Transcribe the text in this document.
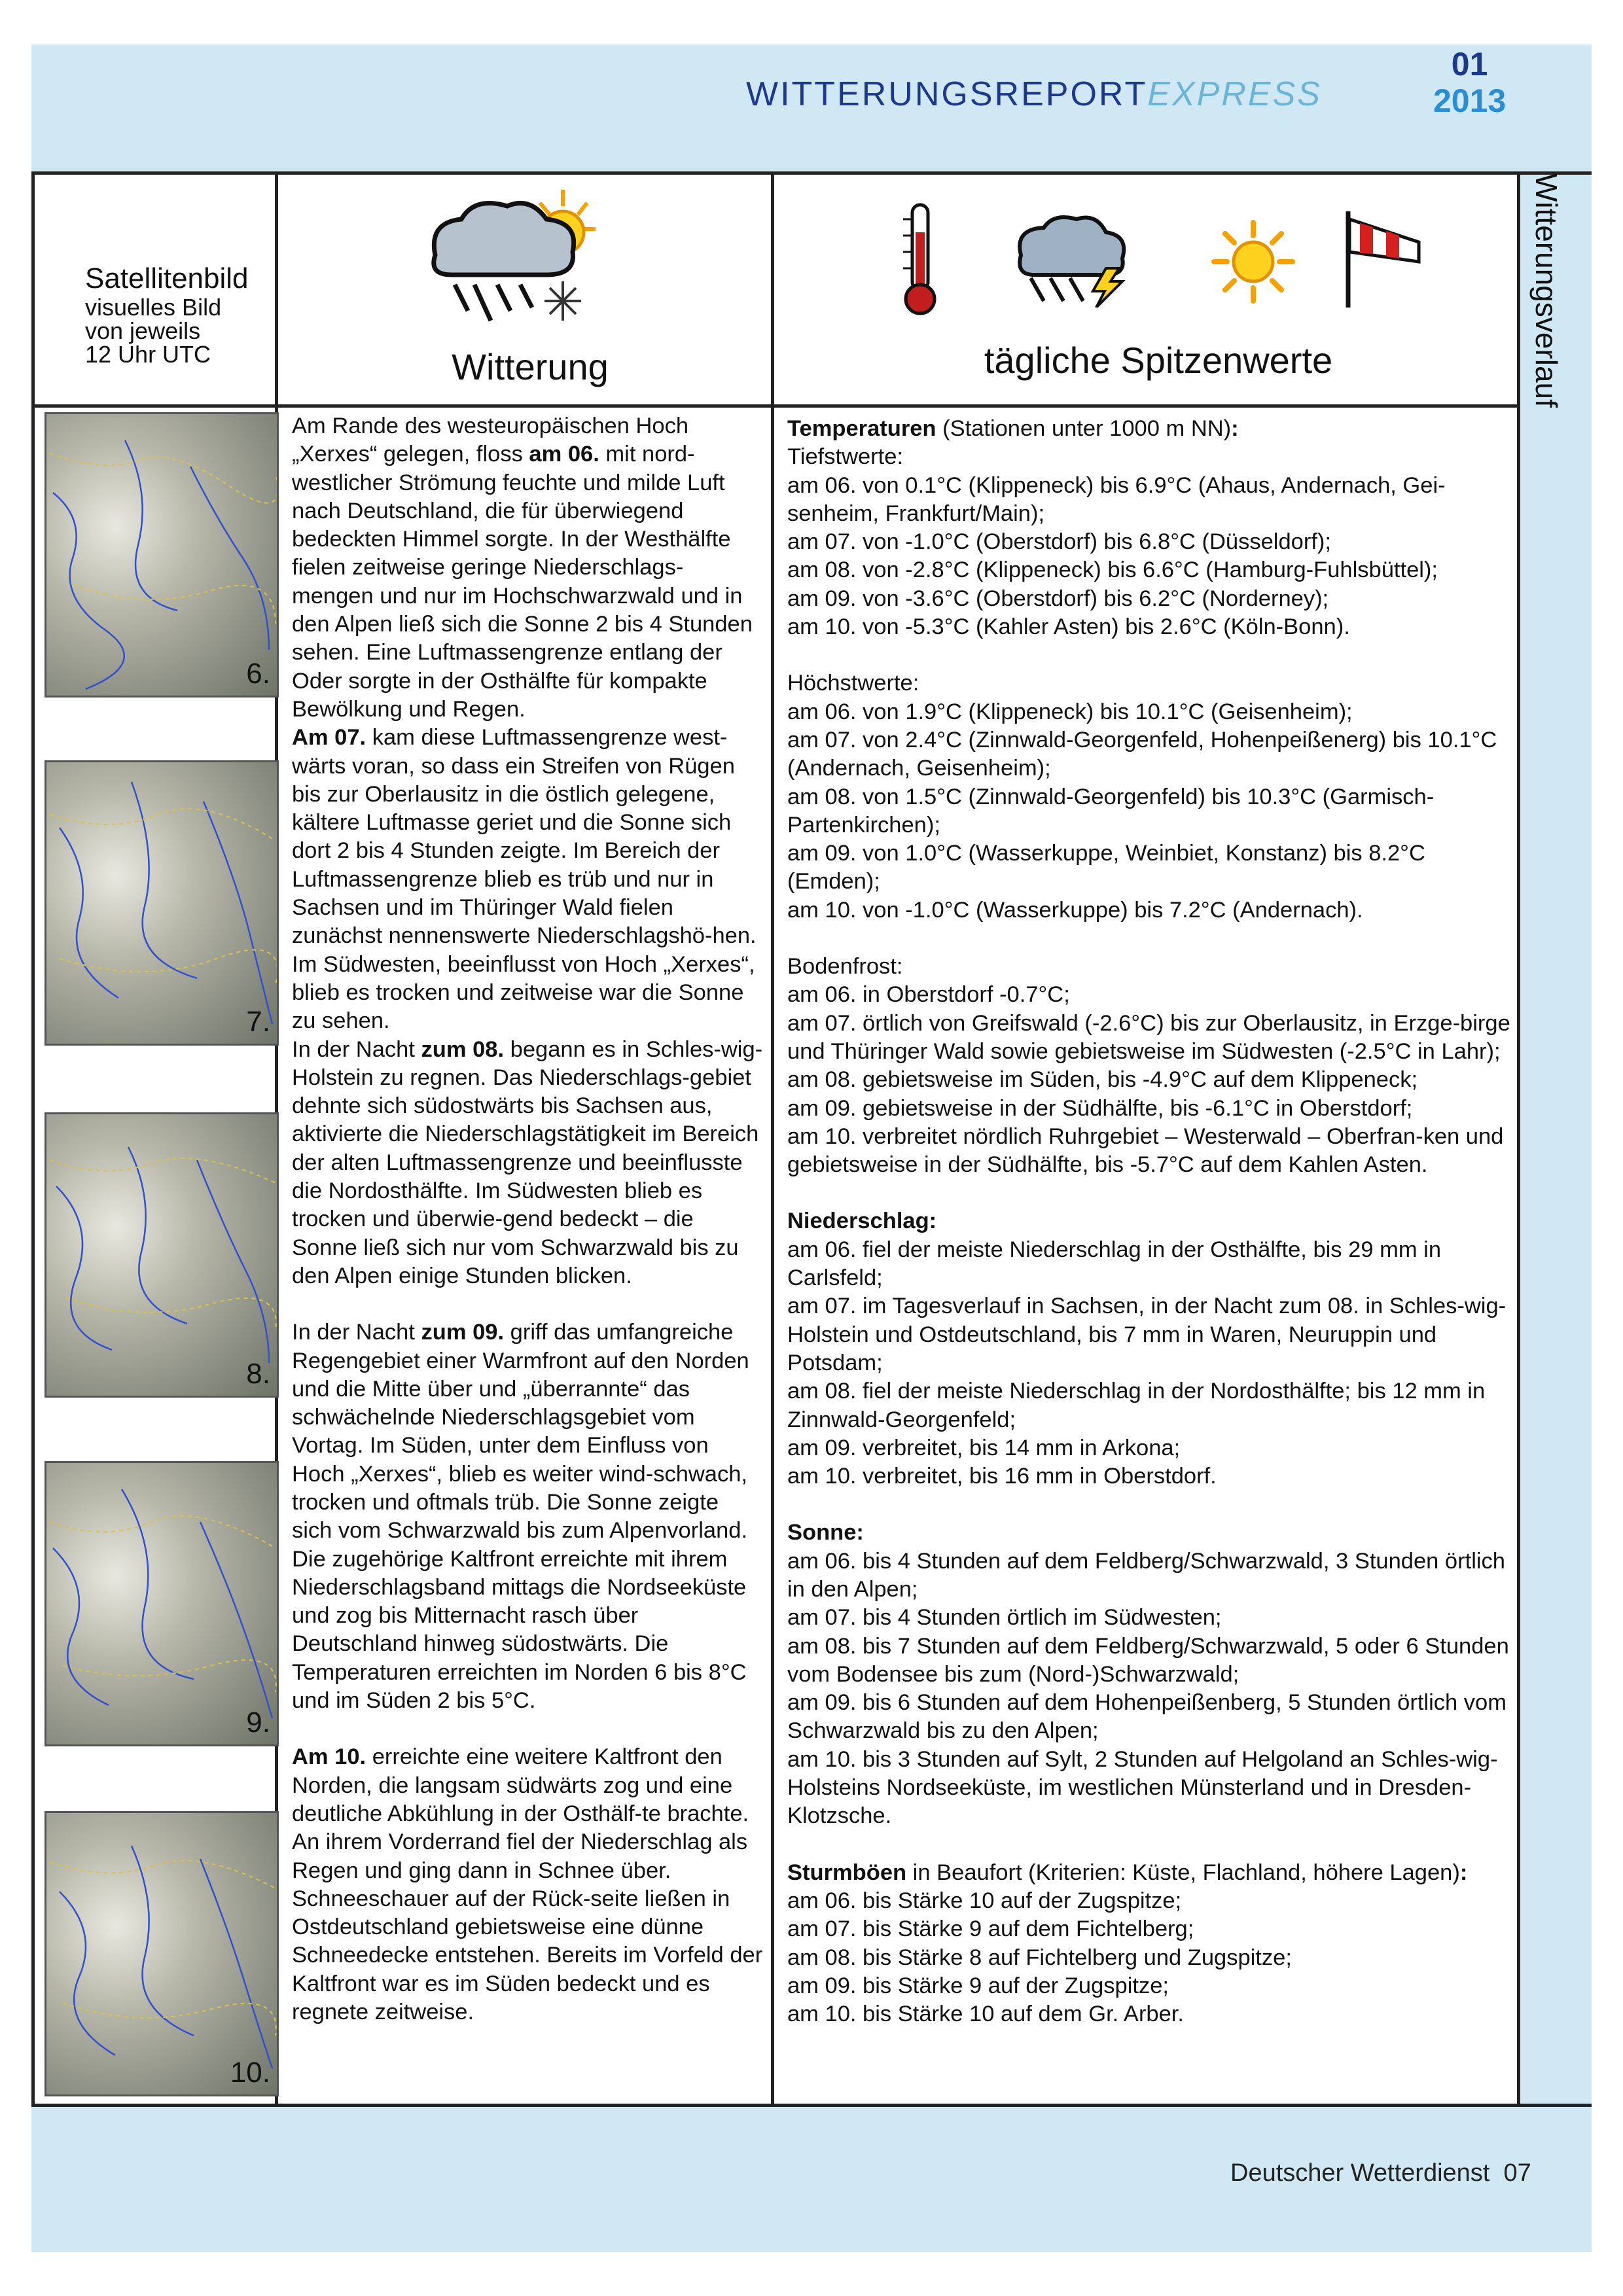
WITTERUNGSREPORTEXPRESS
01
2013
Satellitenbild
visuelles Bild
von jeweils
12 Uhr UTC	Witterung	tägliche Spitzenwerte	Witterungsverlauf
6.
7.
8.
9.
10.

Am Rande des westeuropäischen Hoch „Xerxes“ gelegen, floss am 06. mit nord-westlicher Strömung feuchte und milde Luft nach Deutschland, die für überwiegend bedeckten Himmel sorgte. In der Westhälfte fielen zeitweise geringe Niederschlags-mengen und nur im Hochschwarzwald und in den Alpen ließ sich die Sonne 2 bis 4 Stunden sehen. Eine Luftmassengrenze entlang der Oder sorgte in der Osthälfte für kompakte Bewölkung und Regen.

Am 07. kam diese Luftmassengrenze west-wärts voran, so dass ein Streifen von Rügen bis zur Oberlausitz in die östlich gelegene, kältere Luftmasse geriet und die Sonne sich dort 2 bis 4 Stunden zeigte. Im Bereich der Luftmassengrenze blieb es trüb und nur in Sachsen und im Thüringer Wald fielen zunächst nennenswerte Niederschlagshö-hen. Im Südwesten, beeinflusst von Hoch „Xerxes“, blieb es trocken und zeitweise war die Sonne zu sehen.

In der Nacht zum 08. begann es in Schles-wig-Holstein zu regnen. Das Niederschlags-gebiet dehnte sich südostwärts bis Sachsen aus, aktivierte die Niederschlagstätigkeit im Bereich der alten Luftmassengrenze und beeinflusste die Nordosthälfte. Im Südwesten blieb es trocken und überwie-gend bedeckt – die Sonne ließ sich nur vom Schwarzwald bis zu den Alpen einige Stunden blicken.

In der Nacht zum 09. griff das umfangreiche Regengebiet einer Warmfront auf den Norden und die Mitte über und „überrannte“ das schwächelnde Niederschlagsgebiet vom Vortag. Im Süden, unter dem Einfluss von Hoch „Xerxes“, blieb es weiter wind-schwach, trocken und oftmals trüb. Die Sonne zeigte sich vom Schwarzwald bis zum Alpenvorland. Die zugehörige Kaltfront erreichte mit ihrem Niederschlagsband mittags die Nordseeküste und zog bis Mitternacht rasch über Deutschland hinweg südostwärts. Die Temperaturen erreichten im Norden 6 bis 8°C und im Süden 2 bis 5°C.

Am 10. erreichte eine weitere Kaltfront den Norden, die langsam südwärts zog und eine deutliche Abkühlung in der Osthälf-te brachte. An ihrem Vorderrand fiel der Niederschlag als Regen und ging dann in Schnee über. Schneeschauer auf der Rück-seite ließen in Ostdeutschland gebietsweise eine dünne Schneedecke entstehen. Bereits im Vorfeld der Kaltfront war es im Süden bedeckt und es regnete zeitweise.

Temperaturen (Stationen unter 1000 m NN):

Tiefstwerte:

am 06. von 0.1°C (Klippeneck) bis 6.9°C (Ahaus, Andernach, Gei-senheim, Frankfurt/Main);

am 07. von -1.0°C (Oberstdorf) bis 6.8°C (Düsseldorf);

am 08. von -2.8°C (Klippeneck) bis 6.6°C (Hamburg-Fuhlsbüttel);

am 09. von -3.6°C (Oberstdorf) bis 6.2°C (Norderney);

am 10. von -5.3°C (Kahler Asten) bis 2.6°C (Köln-Bonn).

Höchstwerte:

am 06. von 1.9°C (Klippeneck) bis 10.1°C (Geisenheim);

am 07. von 2.4°C (Zinnwald-Georgenfeld, Hohenpeißenerg) bis 10.1°C (Andernach, Geisenheim);

am 08. von 1.5°C (Zinnwald-Georgenfeld) bis 10.3°C (Garmisch-Partenkirchen);

am 09. von 1.0°C (Wasserkuppe, Weinbiet, Konstanz) bis 8.2°C (Emden);

am 10. von -1.0°C (Wasserkuppe) bis 7.2°C (Andernach).

Bodenfrost:

am 06. in Oberstdorf -0.7°C;

am 07. örtlich von Greifswald (-2.6°C) bis zur Oberlausitz, in Erzge-birge und Thüringer Wald sowie gebietsweise im Südwesten (-2.5°C in Lahr);

am 08. gebietsweise im Süden, bis -4.9°C auf dem Klippeneck;

am 09. gebietsweise in der Südhälfte, bis -6.1°C in Oberstdorf;

am 10. verbreitet nördlich Ruhrgebiet – Westerwald – Oberfran-ken und gebietsweise in der Südhälfte, bis -5.7°C auf dem Kahlen Asten.

Niederschlag:

am 06. fiel der meiste Niederschlag in der Osthälfte, bis 29 mm in Carlsfeld;

am 07. im Tagesverlauf in Sachsen, in der Nacht zum 08. in Schles-wig-Holstein und Ostdeutschland, bis 7 mm in Waren, Neuruppin und Potsdam;

am 08. fiel der meiste Niederschlag in der Nordosthälfte; bis 12 mm in Zinnwald-Georgenfeld;

am 09. verbreitet, bis 14 mm in Arkona;

am 10. verbreitet, bis 16 mm in Oberstdorf.

Sonne:

am 06. bis 4 Stunden auf dem Feldberg/Schwarzwald, 3 Stunden örtlich in den Alpen;

am 07. bis 4 Stunden örtlich im Südwesten;

am 08. bis 7 Stunden auf dem Feldberg/Schwarzwald, 5 oder 6 Stunden vom Bodensee bis zum (Nord-)Schwarzwald;

am 09. bis 6 Stunden auf dem Hohenpeißenberg, 5 Stunden örtlich vom Schwarzwald bis zu den Alpen;

am 10. bis 3 Stunden auf Sylt, 2 Stunden auf Helgoland an Schles-wig-Holsteins Nordseeküste, im westlichen Münsterland und in Dresden-Klotzsche.

Sturmböen in Beaufort (Kriterien: Küste, Flachland, höhere Lagen):

am 06. bis Stärke 10 auf der Zugspitze;

am 07. bis Stärke 9 auf dem Fichtelberg;

am 08. bis Stärke 8 auf Fichtelberg und Zugspitze;

am 09. bis Stärke 9 auf der Zugspitze;

am 10. bis Stärke 10 auf dem Gr. Arber.

Deutscher Wetterdienst 07
